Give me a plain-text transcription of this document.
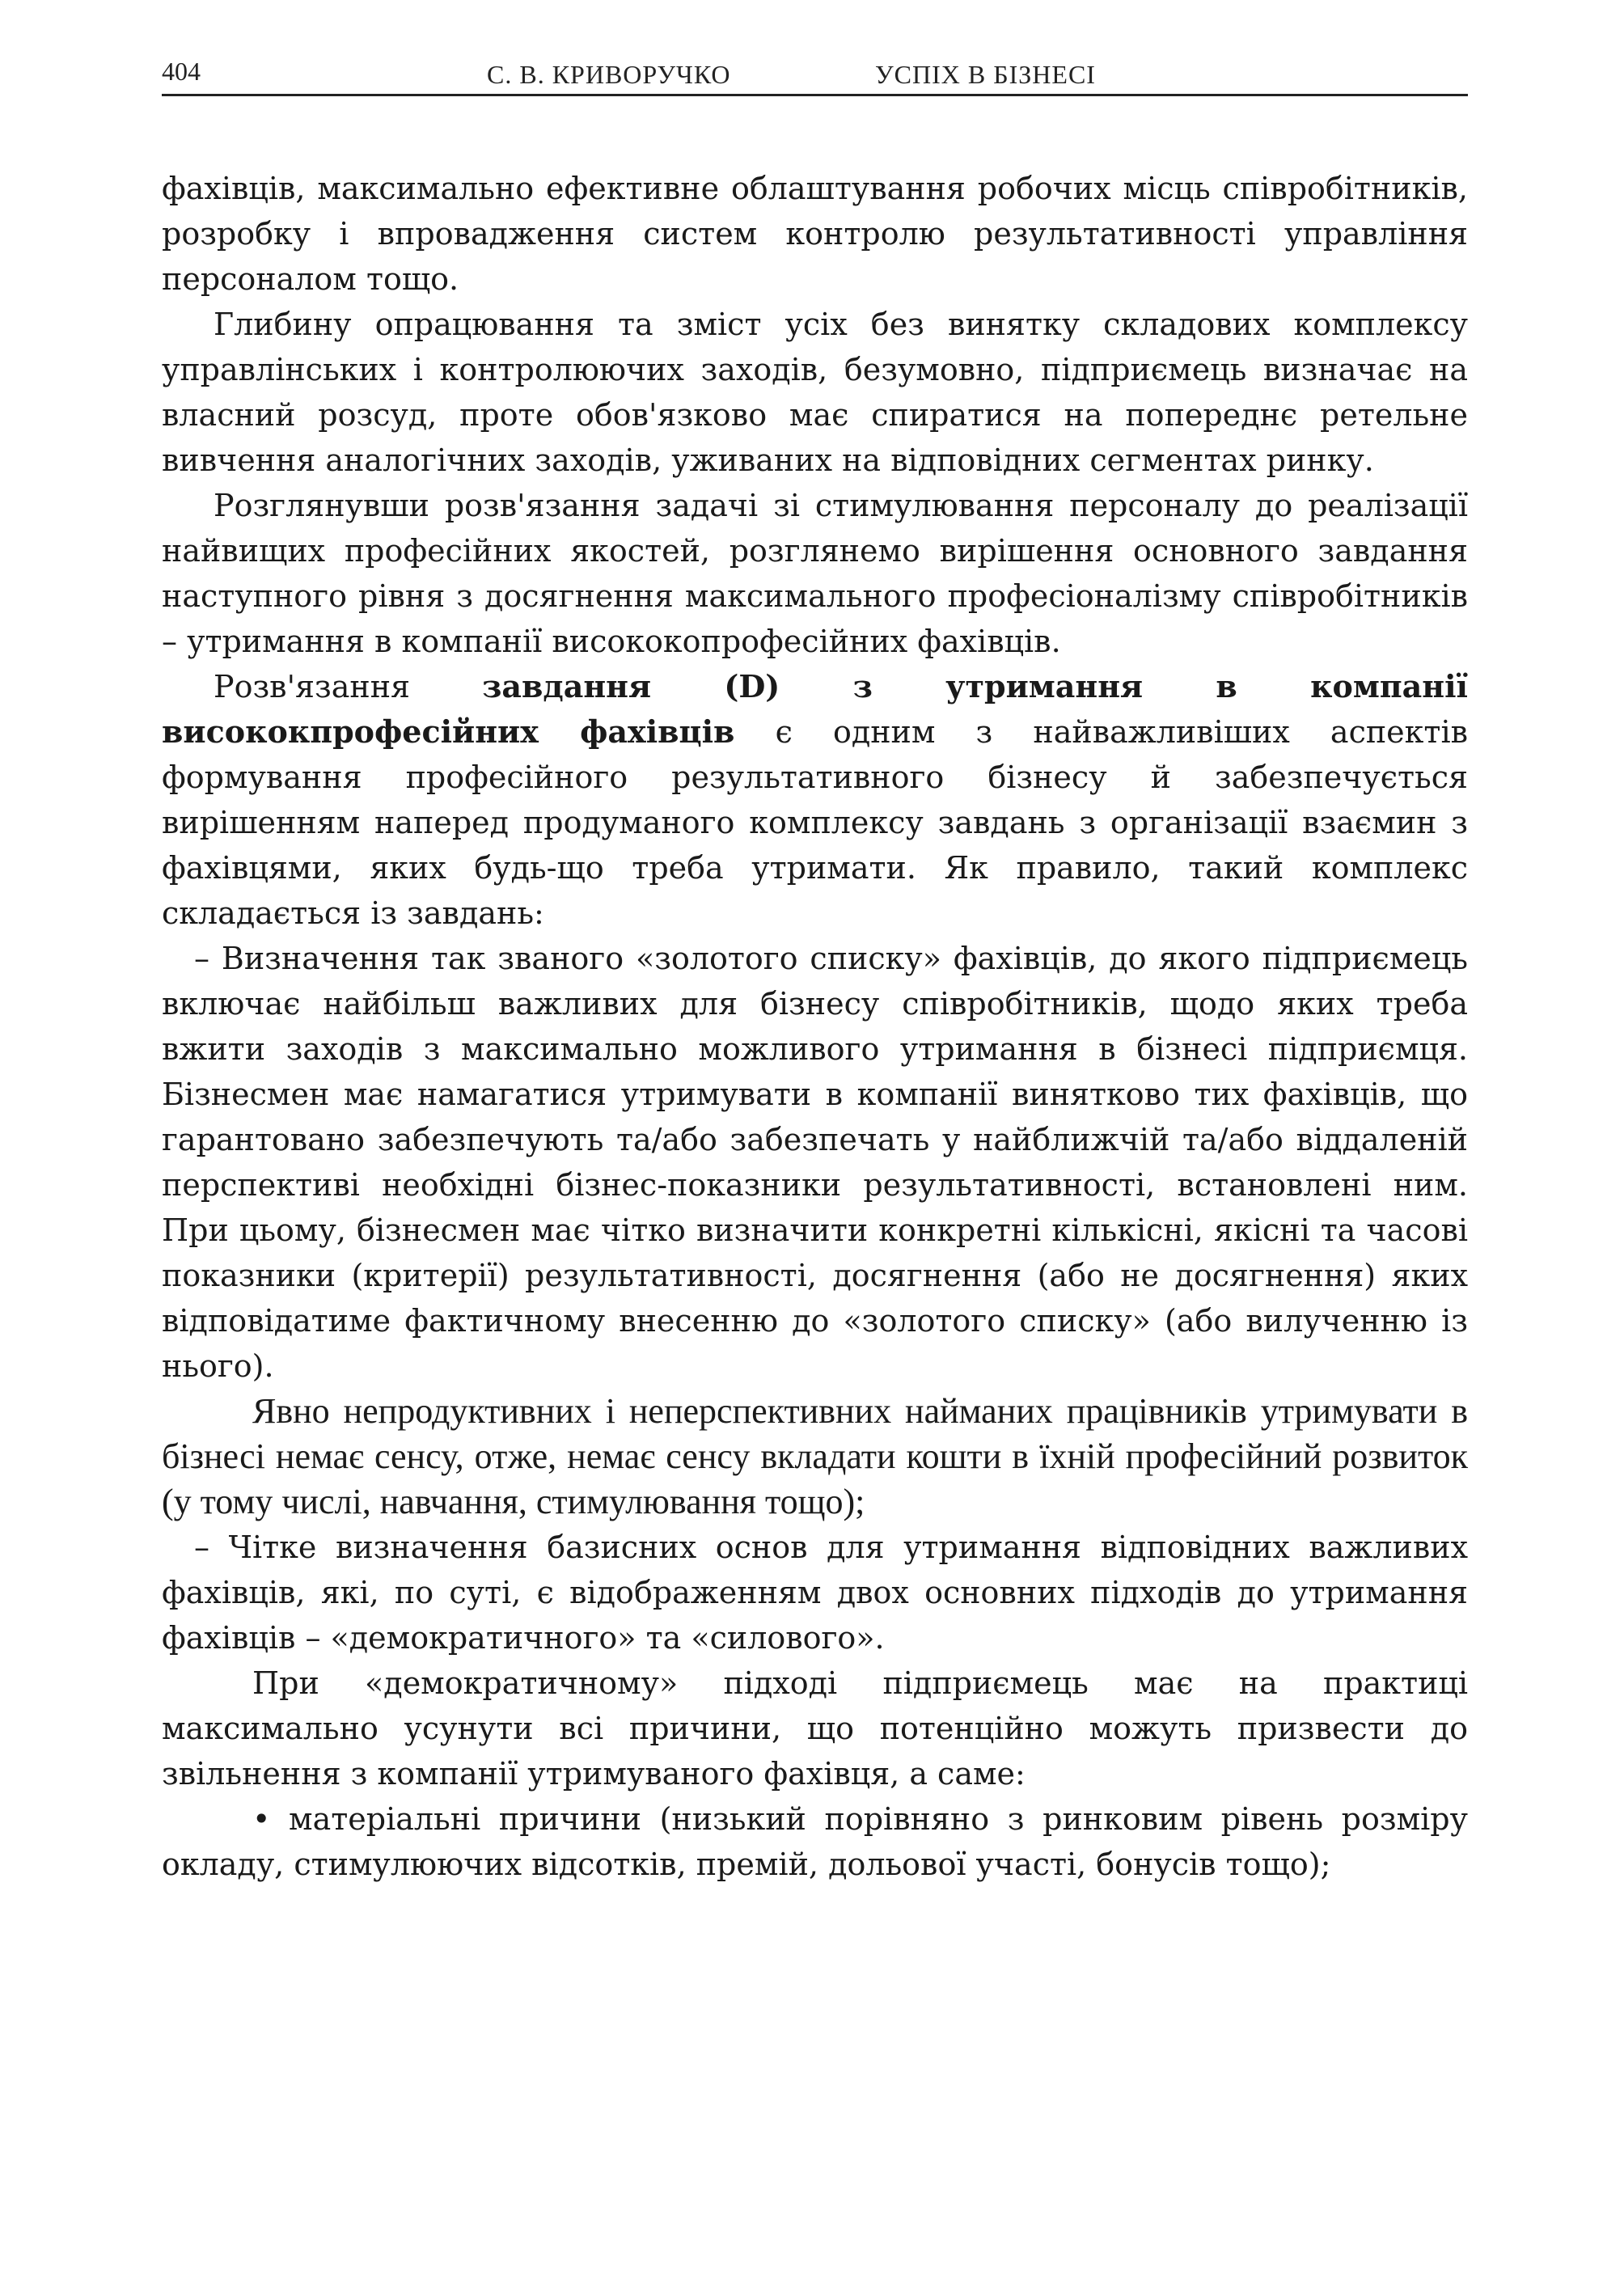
404	С. В. КРИВОРУЧКО	УСПІХ В БІЗНЕСІ

фахівців, максимально ефективне облаштування робочих місць співробітників, розробку і впровадження систем контролю результативності управління персоналом тощо.

Глибину опрацювання та зміст усіх без винятку складових комплексу управлінських і контролюючих заходів, безумовно, підприємець визначає на власний розсуд, проте обов'язково має спиратися на попереднє ретельне вивчення аналогічних заходів, уживаних на відповідних сегментах ринку.

Розглянувши розв'язання задачі зі стимулювання персоналу до реалізації найвищих професійних якостей, розглянемо вирішення основного завдання наступного рівня з досягнення максимального професіоналізму співробітників – утримання в компанії висококопрофесійних фахівців.

Розв'язання завдання (D) з утримання в компанії висококпрофесійних фахівців є одним з найважливіших аспектів формування професійного результативного бізнесу й забезпечується вирішенням наперед продуманого комплексу завдань з організації взаємин з фахівцями, яких будь-що треба утримати. Як правило, такий комплекс складається із завдань:

– Визначення так званого «золотого списку» фахівців, до якого підприємець включає найбільш важливих для бізнесу співробітників, щодо яких треба вжити заходів з максимально можливого утримання в бізнесі підприємця. Бізнесмен має намагатися утримувати в компанії винятково тих фахівців, що гарантовано забезпечують та/або забезпечать у найближчій та/або віддаленій перспективі необхідні бізнес-показники результативності, встановлені ним. При цьому, бізнесмен має чітко визначити конкретні кількісні, якісні та часові показники (критерії) результативності, досягнення (або не досягнення) яких відповідатиме фактичному внесенню до «золотого списку» (або вилученню із нього).

Явно непродуктивних і неперспективних найманих працівників утримувати в бізнесі немає сенсу, отже, немає сенсу вкладати кошти в їхній професійний розвиток (у тому числі, навчання, стимулювання тощо);

– Чітке визначення базисних основ для утримання відповідних важливих фахівців, які, по суті, є відображенням двох основних підходів до утримання фахівців – «демократичного» та «силового».

При «демократичному» підході підприємець має на практиці максимально усунути всі причини, що потенційно можуть призвести до звільнення з компанії утримуваного фахівця, а саме:

• матеріальні причини (низький порівняно з ринковим рівень розміру окладу, стимулюючих відсотків, премій, дольової участі, бонусів тощо);
